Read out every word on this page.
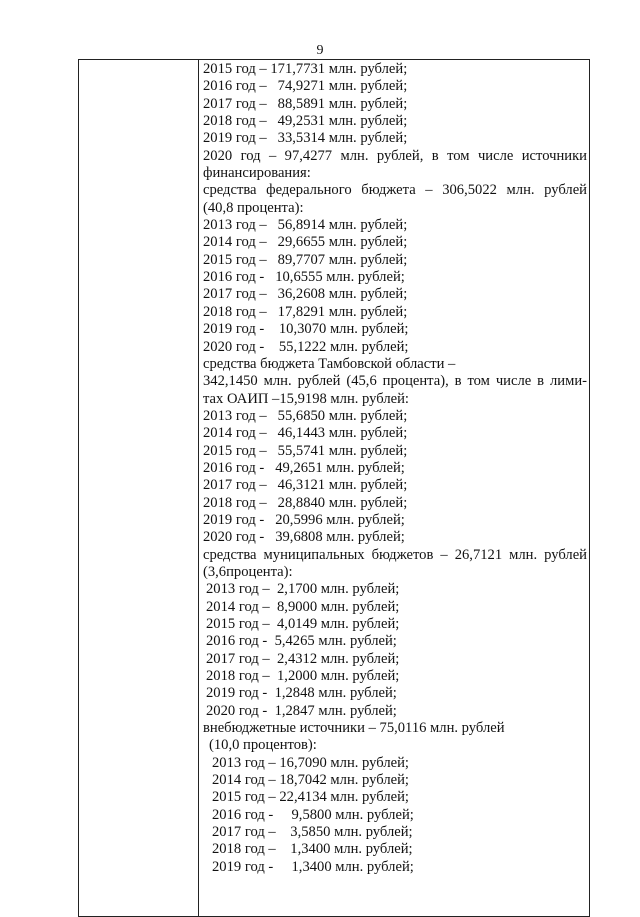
9
2015 год – 171,7731 млн. рублей;
2016 год –   74,9271 млн. рублей;
2017 год –   88,5891 млн. рублей;
2018 год –   49,2531 млн. рублей;
2019 год –   33,5314 млн. рублей;
2020 год – 97,4277 млн. рублей, в том числе источники
финансирования:
средства федерального бюджета – 306,5022 млн. рублей
(40,8 процента):
2013 год –   56,8914 млн. рублей;
2014 год –   29,6655 млн. рублей;
2015 год –   89,7707 млн. рублей;
2016 год -   10,6555 млн. рублей;
2017 год –   36,2608 млн. рублей;
2018 год –   17,8291 млн. рублей;
2019 год -    10,3070 млн. рублей;
2020 год -    55,1222 млн. рублей;
средства бюджета Тамбовской области –
342,1450 млн. рублей (45,6 процента), в том числе в лими-
тах ОАИП –15,9198 млн. рублей:
2013 год –   55,6850 млн. рублей;
2014 год –   46,1443 млн. рублей;
2015 год –   55,5741 млн. рублей;
2016 год -   49,2651 млн. рублей;
2017 год –   46,3121 млн. рублей;
2018 год –   28,8840 млн. рублей;
2019 год -   20,5996 млн. рублей;
2020 год -   39,6808 млн. рублей;
средства муниципальных бюджетов – 26,7121 млн. рублей
(3,6процента):
2013 год –  2,1700 млн. рублей;
2014 год –  8,9000 млн. рублей;
2015 год –  4,0149 млн. рублей;
2016 год -  5,4265 млн. рублей;
2017 год –  2,4312 млн. рублей;
2018 год –  1,2000 млн. рублей;
2019 год -  1,2848 млн. рублей;
2020 год -  1,2847 млн. рублей;
внебюджетные источники – 75,0116 млн. рублей
(10,0 процентов):
2013 год – 16,7090 млн. рублей;
2014 год – 18,7042 млн. рублей;
2015 год – 22,4134 млн. рублей;
2016 год -     9,5800 млн. рублей;
2017 год –    3,5850 млн. рублей;
2018 год –    1,3400 млн. рублей;
2019 год -     1,3400 млн. рублей;
